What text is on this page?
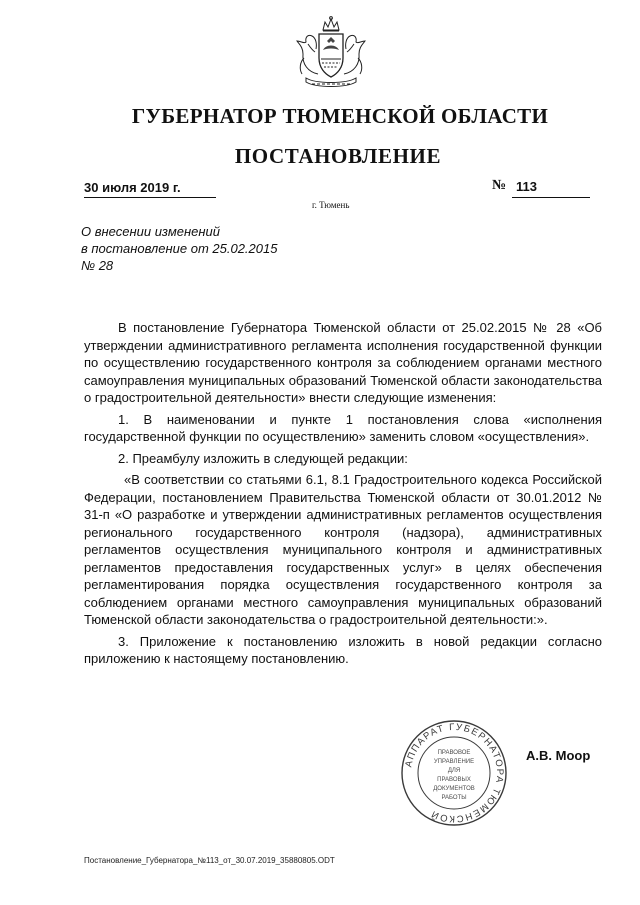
ГУБЕРНАТОР ТЮМЕНСКОЙ ОБЛАСТИ
ПОСТАНОВЛЕНИЕ
30 июля 2019 г.	№ 113
г. Тюмень
О внесении изменений
в постановление от 25.02.2015
№ 28

В постановление Губернатора Тюменской области от 25.02.2015 № 28 «Об утверждении административного регламента исполнения государственной функции по осуществлению государственного контроля за соблюдением органами местного самоуправления муниципальных образований Тюменской области законодательства о градостроительной деятельности» внести следующие изменения:

1. В наименовании и пункте 1 постановления слова «исполнения государственной функции по осуществлению» заменить словом «осуществления».

2. Преамбулу изложить в следующей редакции:

«В соответствии со статьями 6.1, 8.1 Градостроительного кодекса Российской Федерации, постановлением Правительства Тюменской области от 30.01.2012 № 31-п «О разработке и утверждении административных регламентов осуществления регионального государственного контроля (надзора), административных регламентов осуществления муниципального контроля и административных регламентов предоставления государственных услуг» в целях обеспечения регламентирования порядка осуществления государственного контроля за соблюдением органами местного самоуправления муниципальных образований Тюменской области законодательства о градостроительной деятельности:».

3. Приложение к постановлению изложить в новой редакции согласно приложению к настоящему постановлению.

АППАРАТ ГУБЕРНАТОРА ТЮМЕНСКОЙ
ПРАВОВОЕ
УПРАВЛЕНИЕ
ДЛЯ
ПРАВОВЫХ
ДОКУМЕНТОВ
РАБОТЫ
А.В. Моор
Постановление_Губернатора_№113_от_30.07.2019_35880805.ODT
